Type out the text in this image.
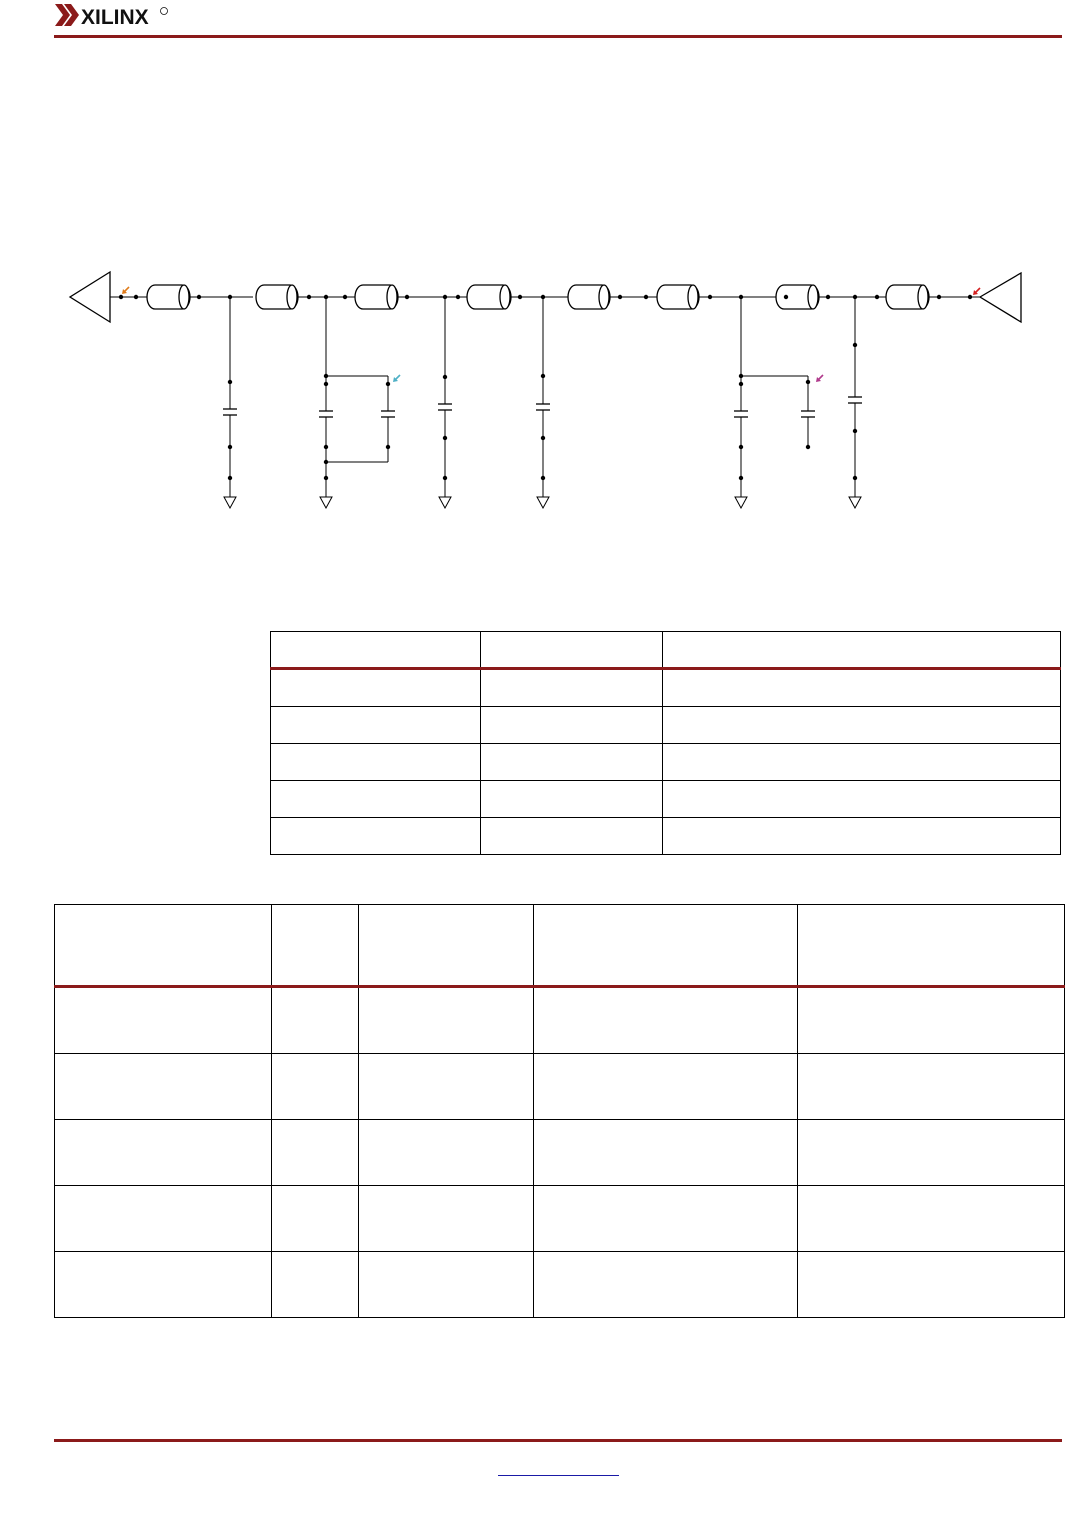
XILINX
